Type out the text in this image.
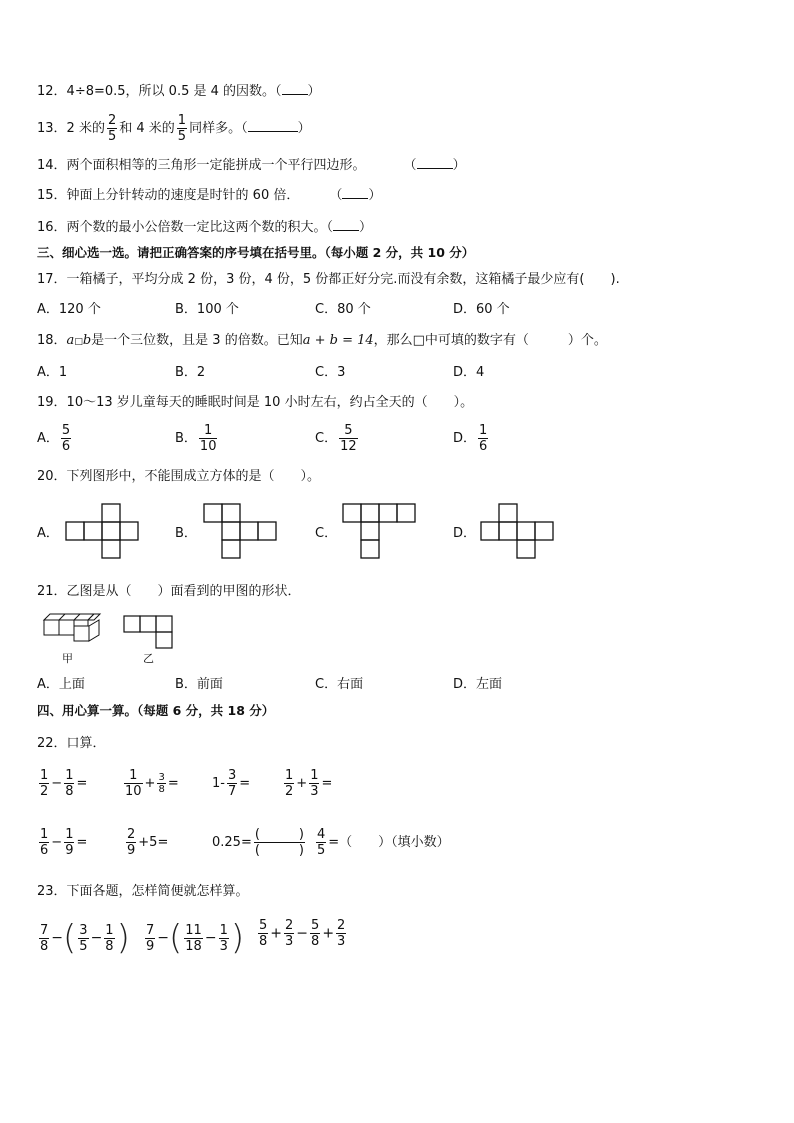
12．4÷8=0.5，所以 0.5 是 4 的因数。（ ）
13．2 米的 $\frac{2}{5}$ 和 4 米的 $\frac{1}{5}$ 同样多。（	）
14．两个面积相等的三角形一定能拼成一个平行四边形。	（	）
15．钟面上分针转动的速度是时针的 60 倍． （ ）
16．两个数的最小公倍数一定比这两个数的积大。（ ）
三、细心选一选。请把正确答案的序号填在括号里。（每小题 2 分，共 10 分）
17．一箱橘子，平均分成 2 份，3 份，4 份，5 份都正好分完.而没有余数，这箱橘子最少应有(　　).
A．120 个	B．100 个	C．80 个	D．60 个
18．a□b是一个三位数，且是 3 的倍数。已知a + b = 14，那么□中可填的数字有（　　　）个。
A．1	B．2	C．3	D．4
19．10～13 岁儿童每天的睡眠时间是 10 小时左右，约占全天的（　　）。
A． $\frac{5}{6}$	B． $\frac{1}{10}$	C． $\frac{5}{12}$	D． $\frac{1}{6}$
20．下列图形中，不能围成立方体的是（　　）。
A．	B．	C．	D．
21．乙图是从（　　）面看到的甲图的形状．
甲	乙
A．上面	B．前面	C．右面	D．左面
四、用心算一算。（每题 6 分，共 18 分）
22．口算．
$\frac{1}{2} - \frac{1}{8}$ =	$\frac{1}{10} + \frac{3}{8}$ =	$1- \frac{3}{7}$ =	$\frac{1}{2} + \frac{1}{3}$ =
$\frac{1}{6} - \frac{1}{9}$ =	$\frac{2}{9} +5=$	$0.25= \frac{( )}{( )} \frac{4}{5}$ =（　　）（填小数）
23．下面各题，怎样简便就怎样算。
$\frac{7}{8}$ −( $\frac{3}{5} - \frac{1}{8}$ ) $\frac{7}{9}$ −( $\frac{11}{18} - \frac{1}{3}$ ) $\frac{5}{8} + \frac{2}{3} - \frac{5}{8} + \frac{2}{3}$
